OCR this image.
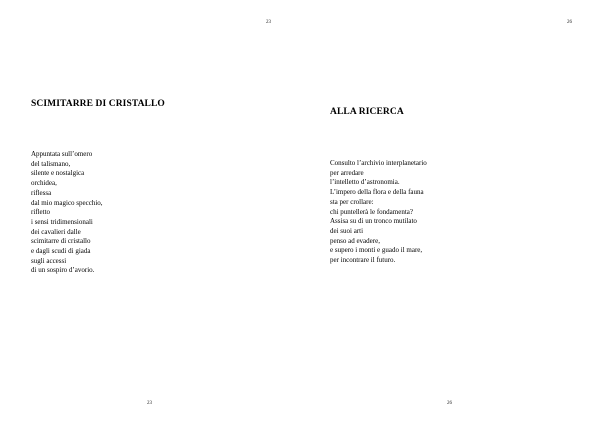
23
SCIMITARRE DI CRISTALLO
Appuntata sull’omero
del talismano,
silente e nostalgica
orchidea,
riflessa
dal mio magico specchio,
rifletto
i sensi tridimensionali
dei cavalieri dalle
scimitarre di cristallo
e dagli scudi di giada
sugli accessi
di un sospiro d’avorio.
23
26
ALLA RICERCA
Consulto l’archivio interplanetario
per arredare
l’intelletto d’astronomia.
L’impero della flora e della fauna
sta per crollare:
chi puntellerà le fondamenta?
Assisa su di un tronco mutilato
dei suoi arti
penso ad evadere,
e supero i monti e guado il mare,
per incontrare il futuro.
26
